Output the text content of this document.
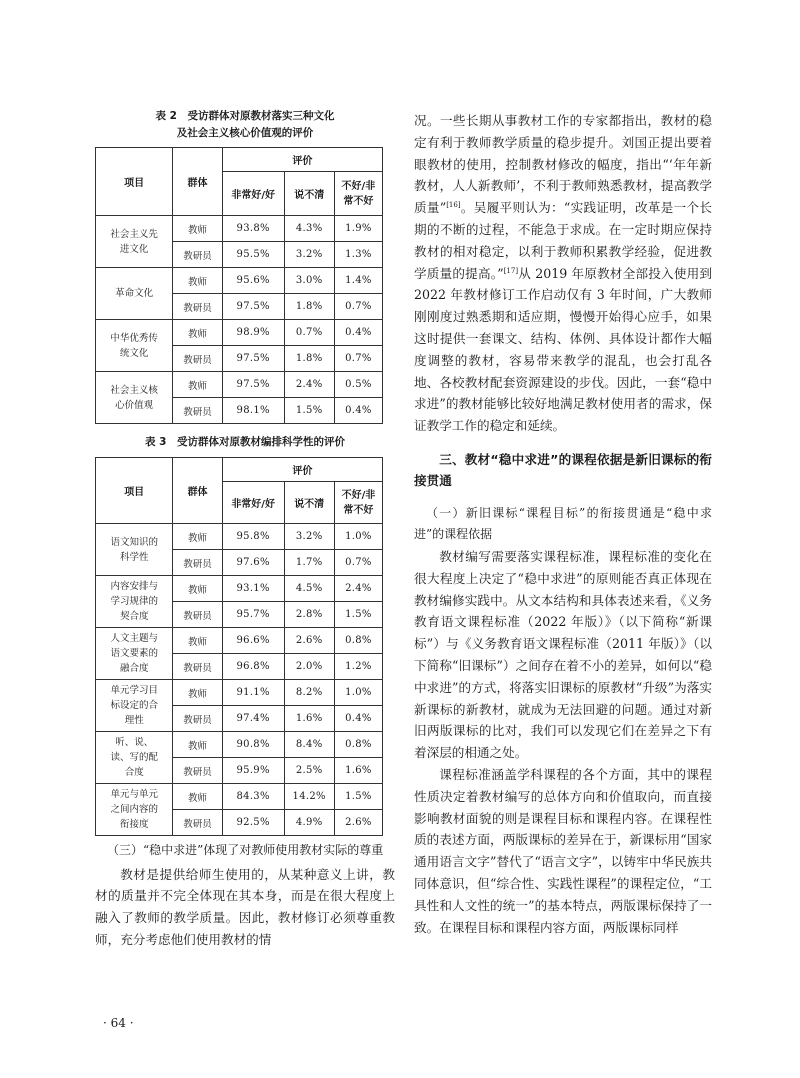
表 2　受访群体对原教材落实三种文化
及社会主义核心价值观的评价
项目	群体	评价		
		非常好/好	说不清	不好/非
常不好
社会主义先进文化	教师	93.8%	4.3%	1.9%
	教研员	95.5%	3.2%	1.3%
革命文化	教师	95.6%	3.0%	1.4%
	教研员	97.5%	1.8%	0.7%
中华优秀传统文化	教师	98.9%	0.7%	0.4%
	教研员	97.5%	1.8%	0.7%
社会主义核心价值观	教师	97.5%	2.4%	0.5%
	教研员	98.1%	1.5%	0.4%
表 3　受访群体对原教材编排科学性的评价
项目	群体	评价		
		非常好/好	说不清	不好/非
常不好
语文知识的科学性	教师	95.8%	3.2%	1.0%
	教研员	97.6%	1.7%	0.7%
内容安排与学习规律的契合度	教师	93.1%	4.5%	2.4%
	教研员	95.7%	2.8%	1.5%
人文主题与语文要素的融合度	教师	96.6%	2.6%	0.8%
	教研员	96.8%	2.0%	1.2%
单元学习目标设定的合理性	教师	91.1%	8.2%	1.0%
	教研员	97.4%	1.6%	0.4%
听、说、读、写的配合度	教师	90.8%	8.4%	0.8%
	教研员	95.9%	2.5%	1.6%
单元与单元之间内容的衔接度	教师	84.3%	14.2%	1.5%
	教研员	92.5%	4.9%	2.6%

（三）“稳中求进”体现了对教师使用教材实际的尊重

教材是提供给师生使用的，从某种意义上讲，教材的质量并不完全体现在其本身，而是在很大程度上融入了教师的教学质量。因此，教材修订必须尊重教师，充分考虑他们使用教材的情

况。一些长期从事教材工作的专家都指出，教材的稳定有利于教师教学质量的稳步提升。刘国正提出要着眼教材的使用，控制教材修改的幅度，指出“‘年年新教材，人人新教师’，不利于教师熟悉教材，提高教学质量”[16]。吴履平则认为：“实践证明，改革是一个长期的不断的过程，不能急于求成。在一定时期应保持教材的相对稳定，以利于教师积累教学经验，促进教学质量的提高。”[17]从 2019 年原教材全部投入使用到 2022 年教材修订工作启动仅有 3 年时间，广大教师刚刚度过熟悉期和适应期，慢慢开始得心应手，如果这时提供一套课文、结构、体例、具体设计都作大幅度调整的教材，容易带来教学的混乱，也会打乱各地、各校教材配套资源建设的步伐。因此，一套“稳中求进”的教材能够比较好地满足教材使用者的需求，保证教学工作的稳定和延续。

三、教材“稳中求进”的课程依据是新旧课标的衔接贯通

（一）新旧课标“课程目标”的衔接贯通是“稳中求进”的课程依据

教材编写需要落实课程标准，课程标准的变化在很大程度上决定了“稳中求进”的原则能否真正体现在教材编修实践中。从文本结构和具体表述来看，《义务教育语文课程标准（2022 年版）》（以下简称“新课标”）与《义务教育语文课程标准（2011 年版）》（以下简称“旧课标”）之间存在着不小的差异，如何以“稳中求进”的方式，将落实旧课标的原教材“升级”为落实新课标的新教材，就成为无法回避的问题。通过对新旧两版课标的比对，我们可以发现它们在差异之下有着深层的相通之处。

课程标准涵盖学科课程的各个方面，其中的课程性质决定着教材编写的总体方向和价值取向，而直接影响教材面貌的则是课程目标和课程内容。在课程性质的表述方面，两版课标的差异在于，新课标用“国家通用语言文字”替代了“语言文字”，以铸牢中华民族共同体意识，但“综合性、实践性课程”的课程定位，“工具性和人文性的统一”的基本特点，两版课标保持了一致。在课程目标和课程内容方面，两版课标同样

· 64 ·
